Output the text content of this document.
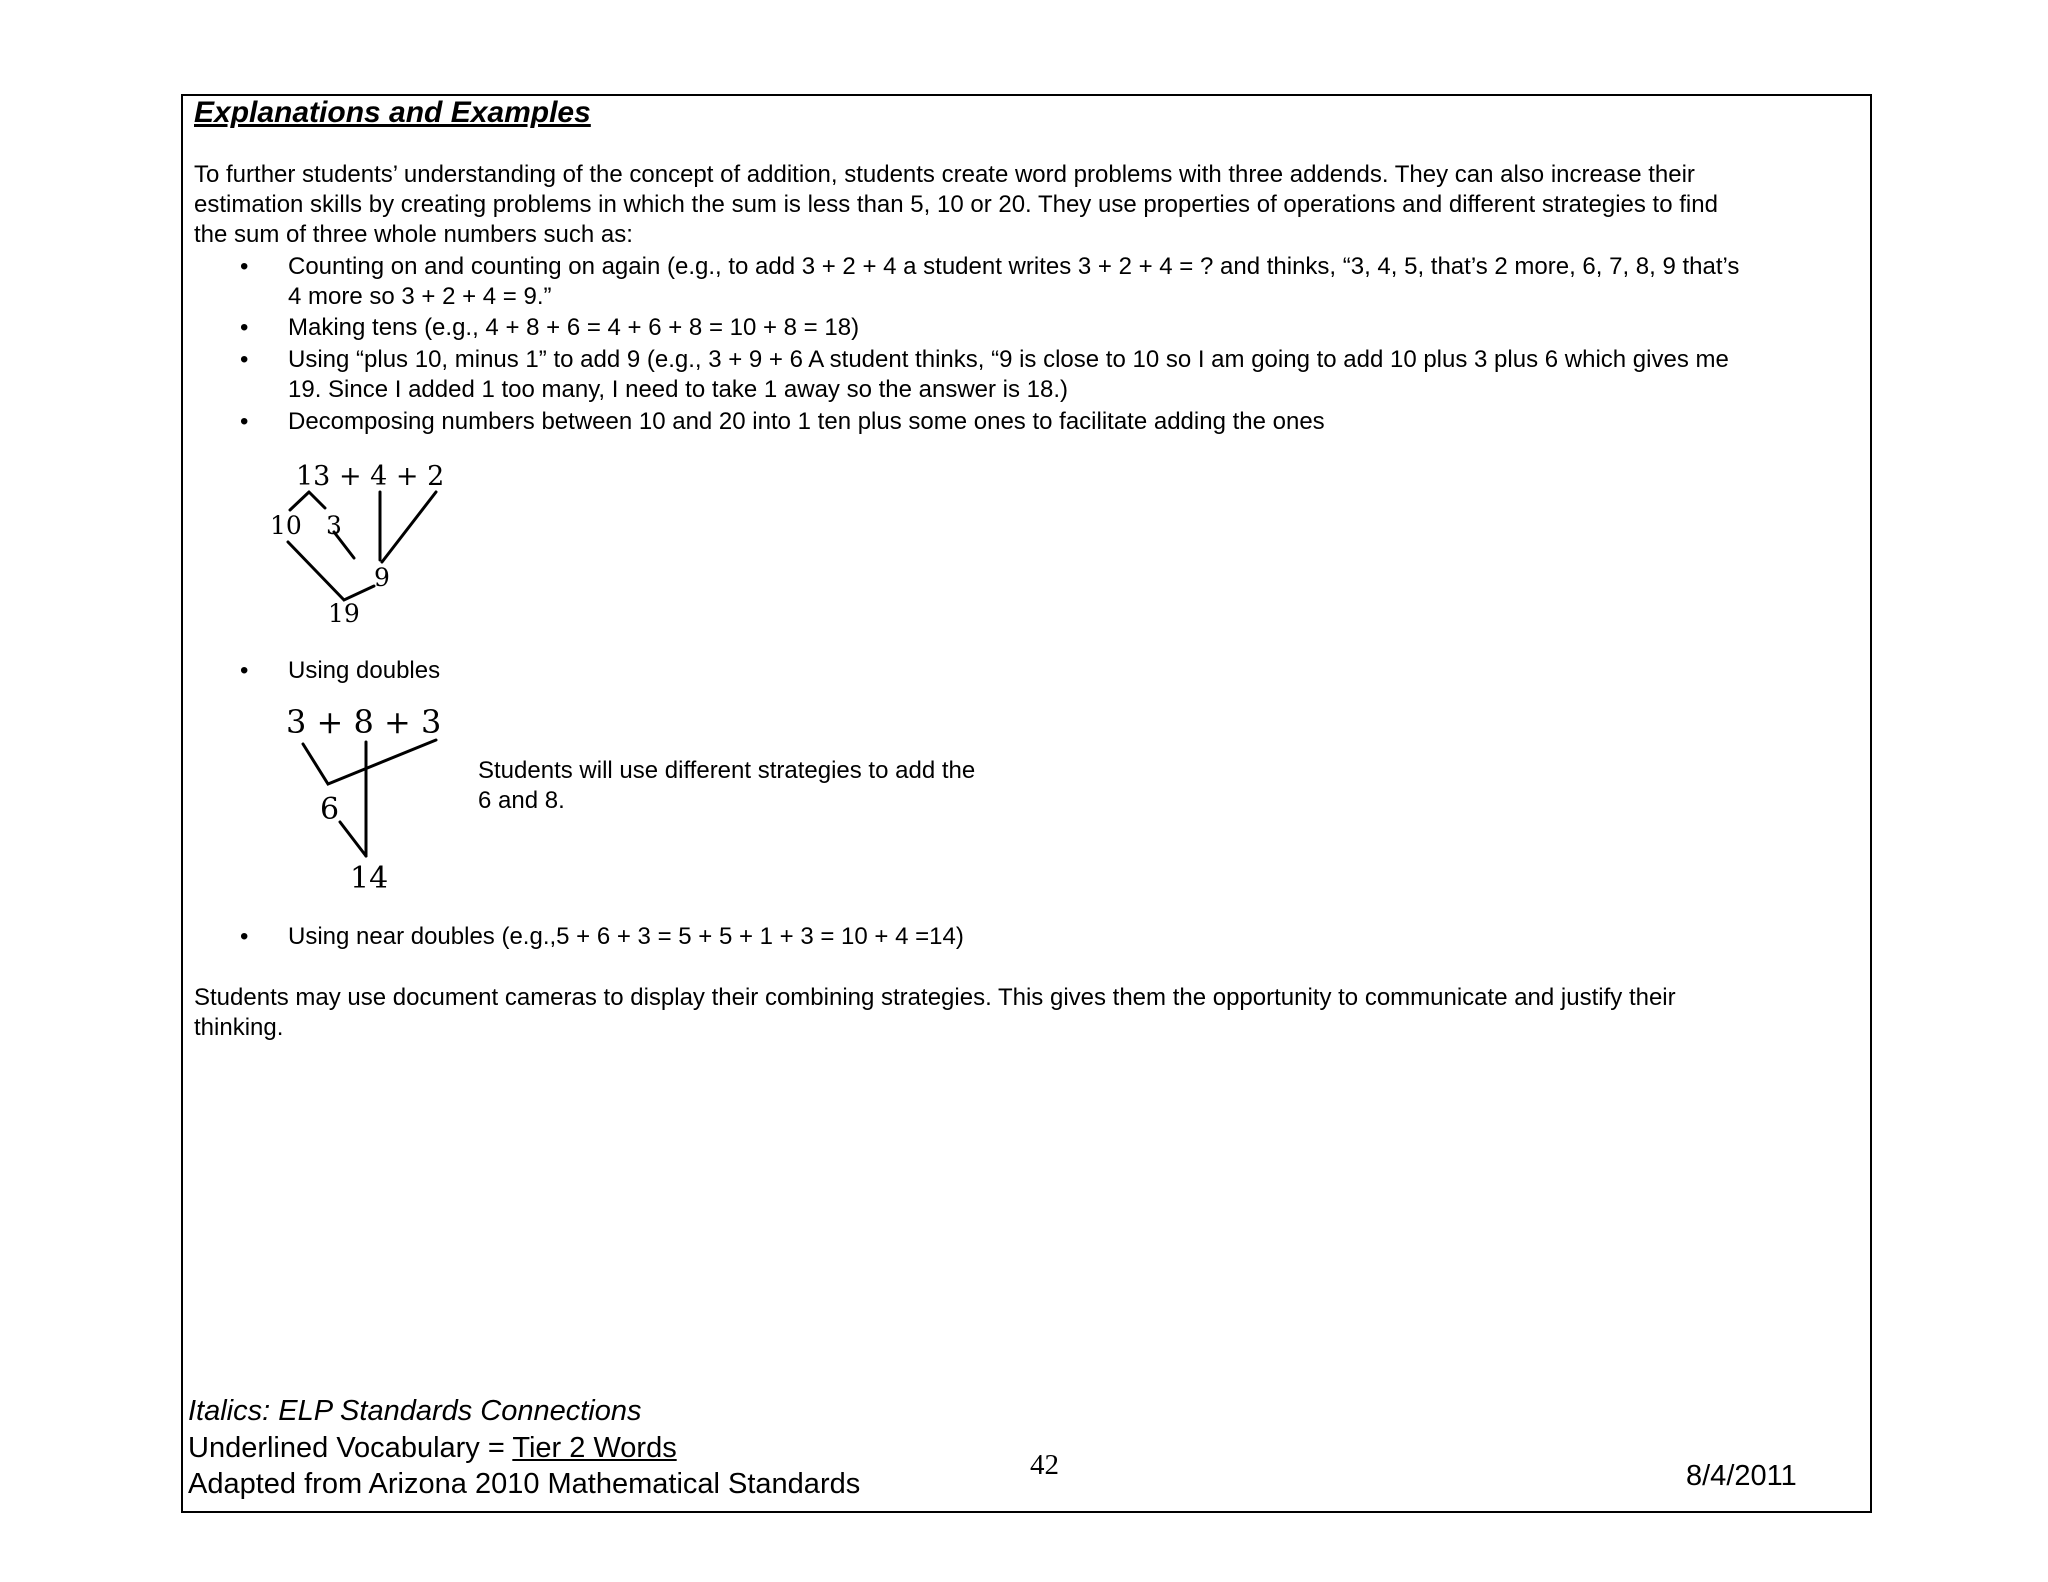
Explanations and Examples
To further students’ understanding of the concept of addition, students create word problems with three addends. They can also increase their
estimation skills by creating problems in which the sum is less than 5, 10 or 20. They use properties of operations and different strategies to find
the sum of three whole numbers such as:
• Counting on and counting on again (e.g., to add 3 + 2 + 4 a student writes 3 + 2 + 4 = ? and thinks, “3, 4, 5, that’s 2 more, 6, 7, 8, 9 that’s
4 more so 3 + 2 + 4 = 9.”
• Making tens (e.g., 4 + 8 + 6 = 4 + 6 + 8 = 10 + 8 = 18)
• Using “plus 10, minus 1” to add 9 (e.g., 3 + 9 + 6 A student thinks, “9 is close to 10 so I am going to add 10 plus 3 plus 6 which gives me
19. Since I added 1 too many, I need to take 1 away so the answer is 18.)
• Decomposing numbers between 10 and 20 into 1 ten plus some ones to facilitate adding the ones
13 + 4 + 2
10 3
9
19
• Using doubles
3 + 8 + 3
6
14
Students will use different strategies to add the
6 and 8.
• Using near doubles (e.g.,5 + 6 + 3 = 5 + 5 + 1 + 3 = 10 + 4 =14)
Students may use document cameras to display their combining strategies. This gives them the opportunity to communicate and justify their
thinking.
Italics: ELP Standards Connections
Underlined Vocabulary = Tier 2 Words
Adapted from Arizona 2010 Mathematical Standards
42	8/4/2011
